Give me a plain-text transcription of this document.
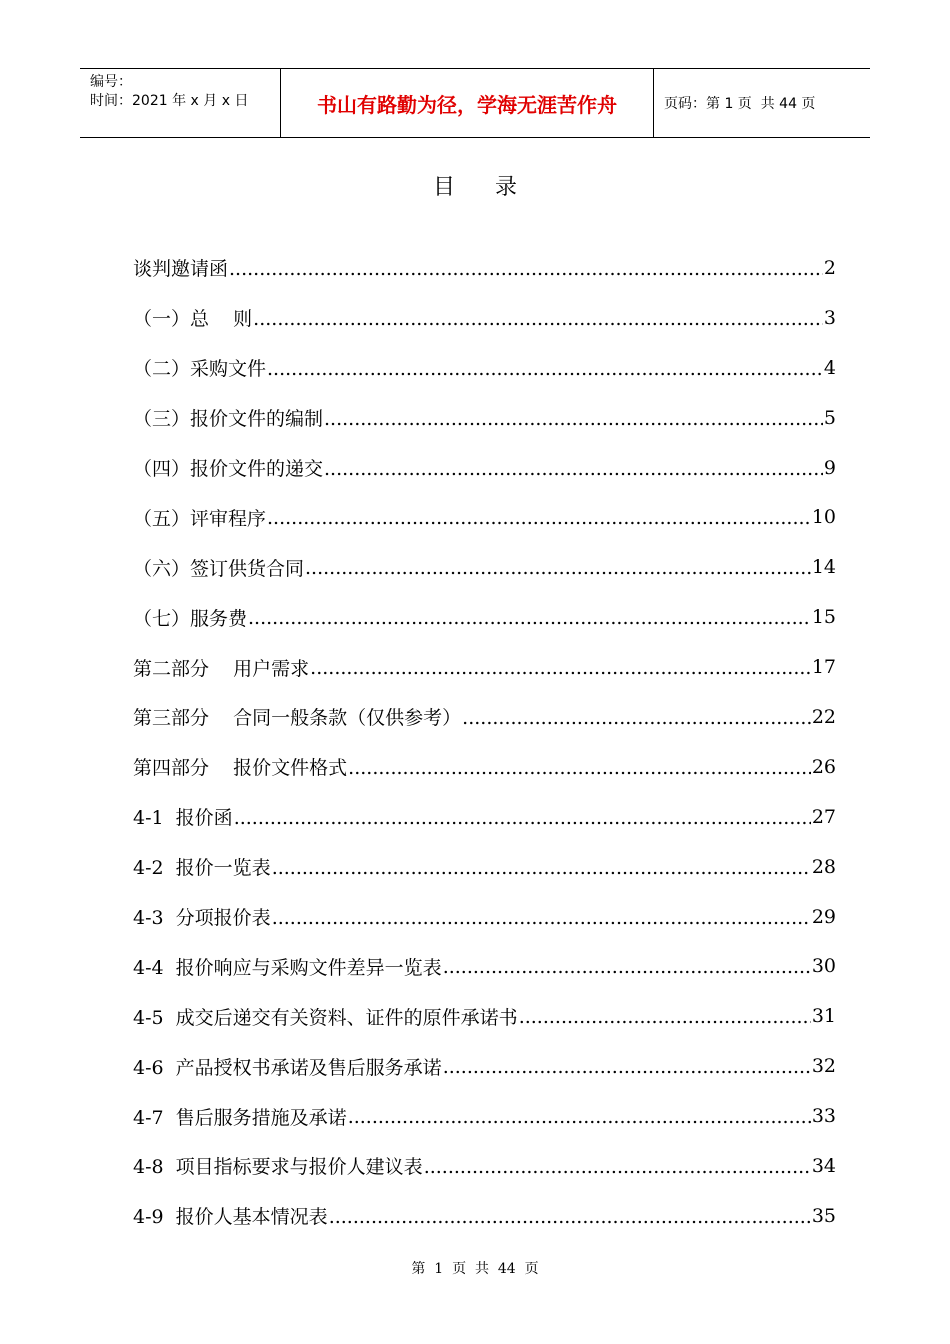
编号：
时间：2021 年 x 月 x 日	书山有路勤为径，学海无涯苦作舟	页码：第 1 页  共 44 页
目 录
谈判邀请函 .....	2
（一）总    则 .....	3
（二）采购文件 .....	4
（三）报价文件的编制 .....	5
（四）报价文件的递交 .....	9
（五）评审程序 .....	10
（六）签订供货合同 .....	14
（七）服务费 .....	15
第二部分    用户需求 .....	17
第三部分    合同一般条款（仅供参考） .....	22
第四部分    报价文件格式 .....	26
4-1  报价函 .....	27
4-2  报价一览表 .....	28
4-3  分项报价表 .....	29
4-4  报价响应与采购文件差异一览表 .....	30
4-5  成交后递交有关资料、证件的原件承诺书 .....	31
4-6  产品授权书承诺及售后服务承诺 .....	32
4-7  售后服务措施及承诺 .....	33
4-8  项目指标要求与报价人建议表 .....	34
4-9  报价人基本情况表 .....	35
第  1  页  共  44  页
